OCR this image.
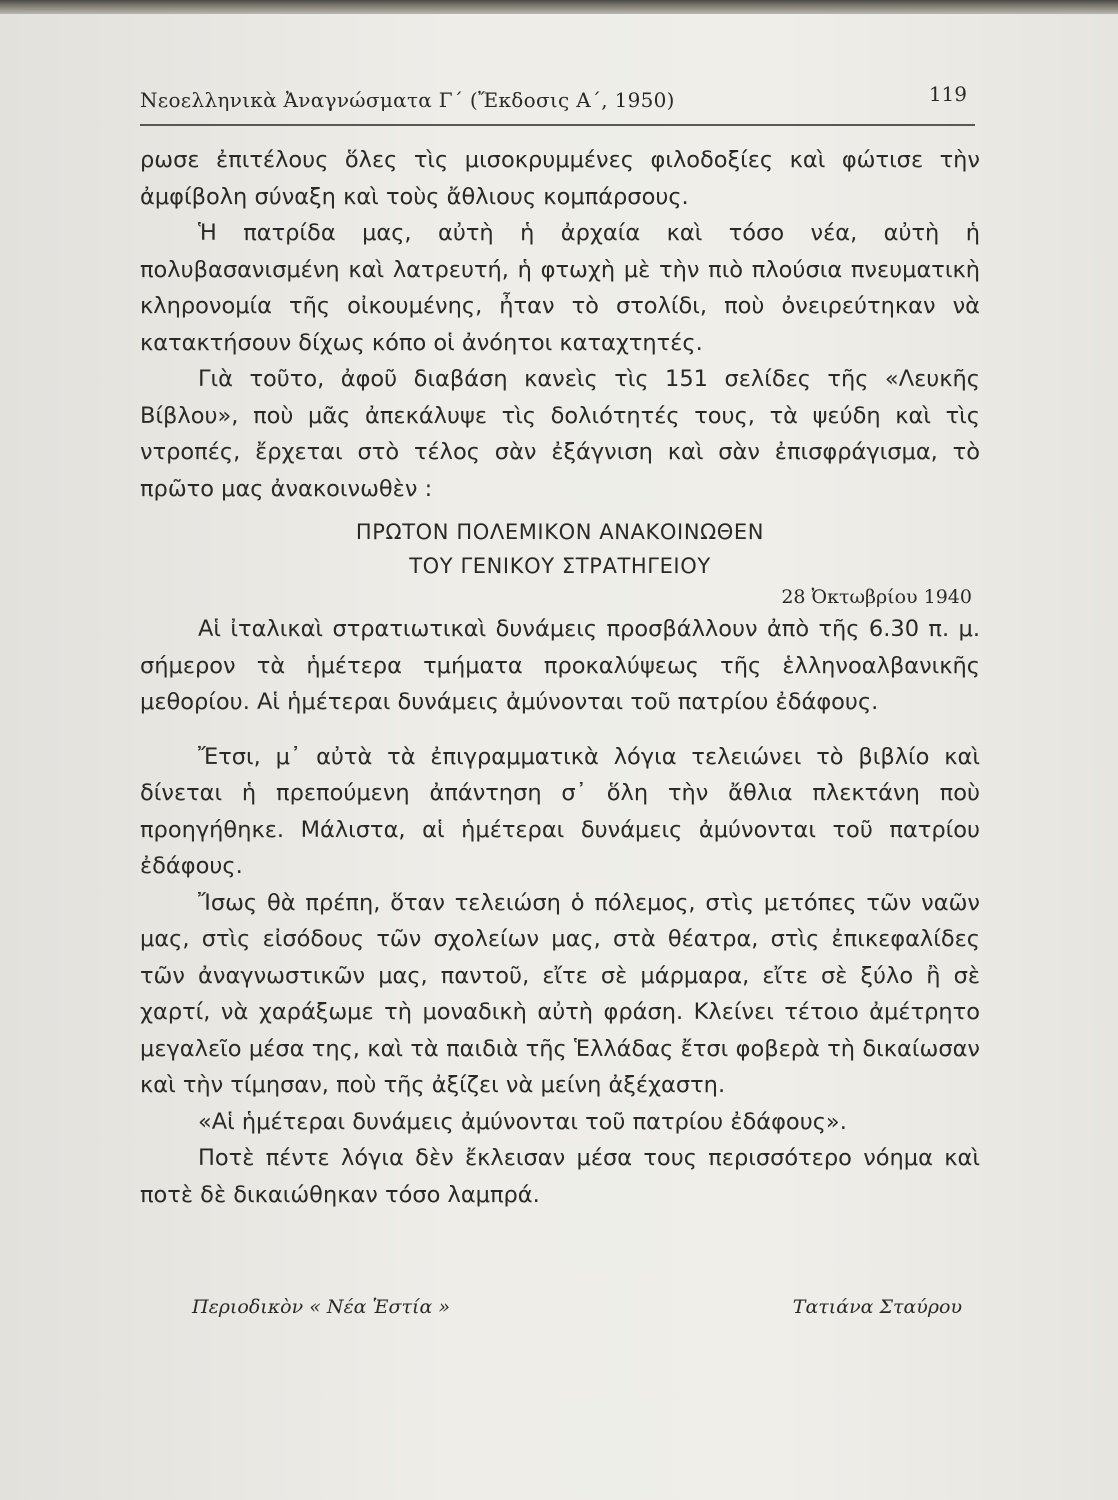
Νεοελληνικὰ Ἀναγνώσματα Γ΄ (Ἔκδοσις Α΄, 1950)	119

ρωσε ἐπιτέλους ὅλες τὶς μισοκρυμμένες φιλοδοξίες καὶ φώτισε τὴν ἀμφίβολη σύναξη καὶ τοὺς ἄθλιους κομπάρσους.

Ἡ πατρίδα μας, αὐτὴ ἡ ἀρχαία καὶ τόσο νέα, αὐτὴ ἡ πολυβασανισμένη καὶ λατρευτή, ἡ φτωχὴ μὲ τὴν πιὸ πλούσια πνευματικὴ κληρονομία τῆς οἰκουμένης, ἦταν τὸ στολίδι, ποὺ ὀνειρεύτηκαν νὰ κατακτήσουν δίχως κόπο οἱ ἀνόητοι καταχτητές.

Γιὰ τοῦτο, ἀφοῦ διαβάση κανεὶς τὶς 151 σελίδες τῆς «Λευκῆς Βίβλου», ποὺ μᾶς ἀπεκάλυψε τὶς δολιότητές τους, τὰ ψεύδη καὶ τὶς ντροπές, ἔρχεται στὸ τέλος σὰν ἐξάγνιση καὶ σὰν ἐπισφράγισμα, τὸ πρῶτο μας ἀνακοινωθὲν :

ΠΡΩΤΟΝ ΠΟΛΕΜΙΚΟΝ ΑΝΑΚΟΙΝΩΘΕΝ
ΤΟΥ ΓΕΝΙΚΟΥ ΣΤΡΑΤΗΓΕΙΟΥ
28 Ὀκτωβρίου 1940

Αἱ ἰταλικαὶ στρατιωτικαὶ δυνάμεις προσβάλλουν ἀπὸ τῆς 6.30 π. μ. σήμερον τὰ ἡμέτερα τμήματα προκαλύψεως τῆς ἑλληνοαλβανικῆς μεθορίου. Αἱ ἡμέτεραι δυνάμεις ἀμύνονται τοῦ πατρίου ἐδάφους.

Ἔτσι, μ᾽ αὐτὰ τὰ ἐπιγραμματικὰ λόγια τελειώνει τὸ βιβλίο καὶ δίνεται ἡ πρεπούμενη ἀπάντηση σ᾽ ὅλη τὴν ἄθλια πλεκτάνη ποὺ προηγήθηκε. Μάλιστα, αἱ ἡμέτεραι δυνάμεις ἀμύνονται τοῦ πατρίου ἐδάφους.

Ἴσως θὰ πρέπη, ὅταν τελειώση ὁ πόλεμος, στὶς μετόπες τῶν ναῶν μας, στὶς εἰσόδους τῶν σχολείων μας, στὰ θέατρα, στὶς ἐπικεφαλίδες τῶν ἀναγνωστικῶν μας, παντοῦ, εἴτε σὲ μάρμαρα, εἴτε σὲ ξύλο ἢ σὲ χαρτί, νὰ χαράξωμε τὴ μοναδικὴ αὐτὴ φράση. Κλείνει τέτοιο ἀμέτρητο μεγαλεῖο μέσα της, καὶ τὰ παιδιὰ τῆς Ἑλλάδας ἔτσι φοβερὰ τὴ δικαίωσαν καὶ τὴν τίμησαν, ποὺ τῆς ἀξίζει νὰ μείνη ἀξέχαστη.

«Αἱ ἡμέτεραι δυνάμεις ἀμύνονται τοῦ πατρίου ἐδάφους».

Ποτὲ πέντε λόγια δὲν ἔκλεισαν μέσα τους περισσότερο νόημα καὶ ποτὲ δὲ δικαιώθηκαν τόσο λαμπρά.

Περιοδικὸν « Νέα Ἑστία »	Τατιάνα Σταύρου
